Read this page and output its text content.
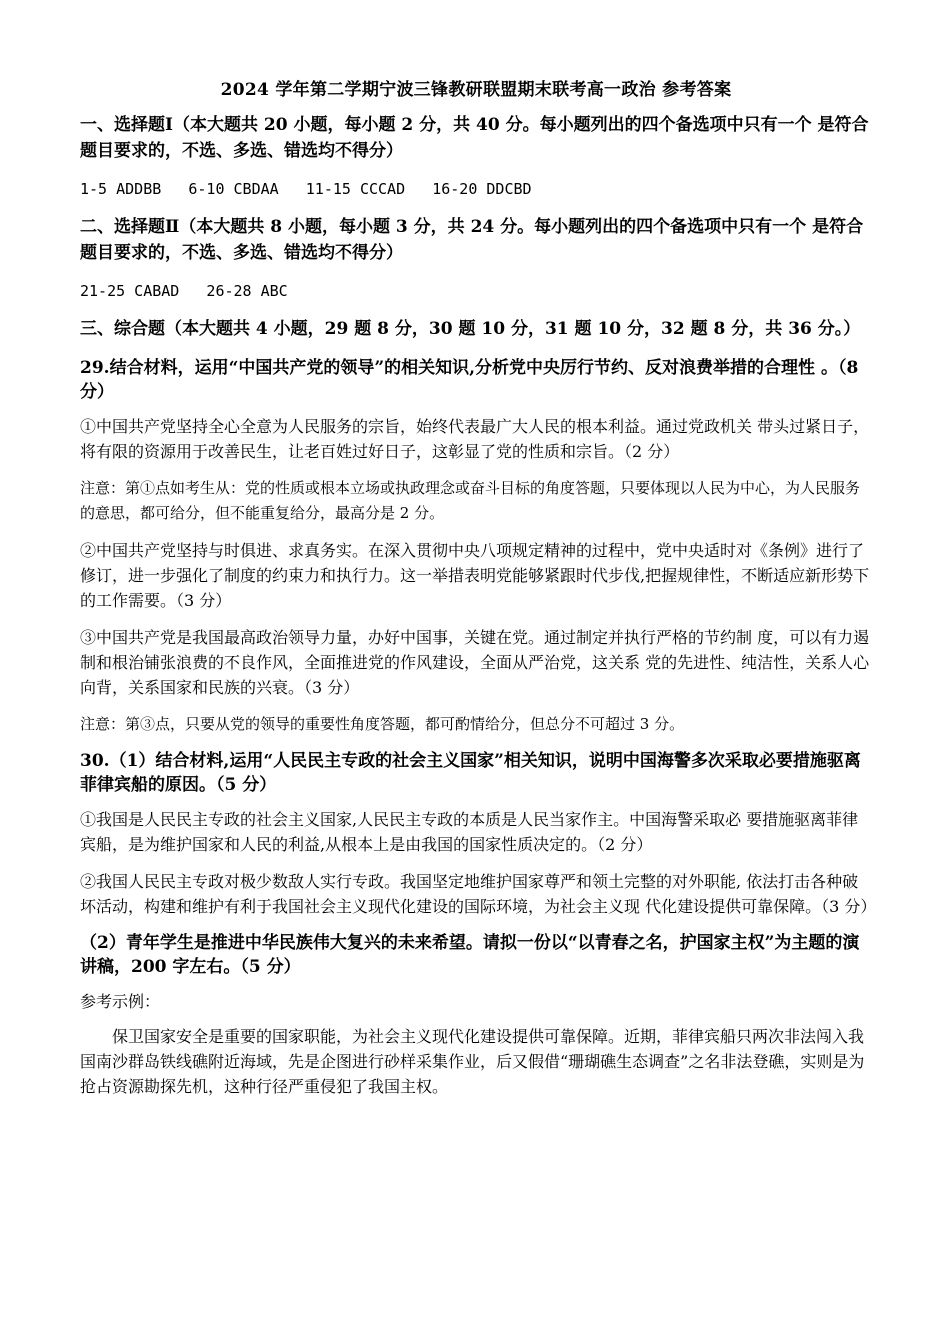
2024 学年第二学期宁波三锋教研联盟期末联考高一政治 参考答案
一、选择题Ⅰ（本大题共 20 小题，每小题 2 分，共 40 分。每小题列出的四个备选项中只有一个 是符合题目要求的，不选、多选、错选均不得分）
1-5 ADDBB   6-10 CBDAA   11-15 CCCAD   16-20 DDCBD
二、选择题Ⅱ（本大题共 8 小题，每小题 3 分，共 24 分。每小题列出的四个备选项中只有一个 是符合题目要求的，不选、多选、错选均不得分）
21-25 CABAD   26-28 ABC
三、综合题（本大题共 4 小题，29 题 8 分，30 题 10 分，31 题 10 分，32 题 8 分，共 36 分。）
29.结合材料，运用“中国共产党的领导”的相关知识,分析党中央厉行节约、反对浪费举措的合理性 。（8 分）
①中国共产党坚持全心全意为人民服务的宗旨，始终代表最广大人民的根本利益。通过党政机关 带头过紧日子，将有限的资源用于改善民生，让老百姓过好日子，这彰显了党的性质和宗旨。（2 分）
注意：第①点如考生从：党的性质或根本立场或执政理念或奋斗目标的角度答题，只要体现以人民为中心，为人民服务的意思，都可给分，但不能重复给分，最高分是 2 分。
②中国共产党坚持与时俱进、求真务实。在深入贯彻中央八项规定精神的过程中，党中央适时对《条例》进行了修订，进一步强化了制度的约束力和执行力。这一举措表明党能够紧跟时代步伐,把握规律性，不断适应新形势下的工作需要。（3 分）
③中国共产党是我国最高政治领导力量，办好中国事，关键在党。通过制定并执行严格的节约制 度，可以有力遏制和根治铺张浪费的不良作风，全面推进党的作风建设，全面从严治党，这关系 党的先进性、纯洁性，关系人心向背，关系国家和民族的兴衰。（3 分）
注意：第③点，只要从党的领导的重要性角度答题，都可酌情给分，但总分不可超过 3 分。
30.（1）结合材料,运用“人民民主专政的社会主义国家”相关知识，说明中国海警多次采取必要措施驱离菲律宾船的原因。（5 分）
①我国是人民民主专政的社会主义国家,人民民主专政的本质是人民当家作主。中国海警采取必 要措施驱离菲律宾船，是为维护国家和人民的利益,从根本上是由我国的国家性质决定的。（2 分）
②我国人民民主专政对极少数敌人实行专政。我国坚定地维护国家尊严和领土完整的对外职能, 依法打击各种破坏活动，构建和维护有利于我国社会主义现代化建设的国际环境，为社会主义现 代化建设提供可靠保障。（3 分）
（2）青年学生是推进中华民族伟大复兴的未来希望。请拟一份以“以青春之名，护国家主权”为主题的演讲稿，200 字左右。（5 分）
参考示例：
保卫国家安全是重要的国家职能，为社会主义现代化建设提供可靠保障。近期，菲律宾船只两次非法闯入我国南沙群岛铁线礁附近海域，先是企图进行砂样采集作业，后又假借“珊瑚礁生态调查”之名非法登礁，实则是为抢占资源勘探先机，这种行径严重侵犯了我国主权。
